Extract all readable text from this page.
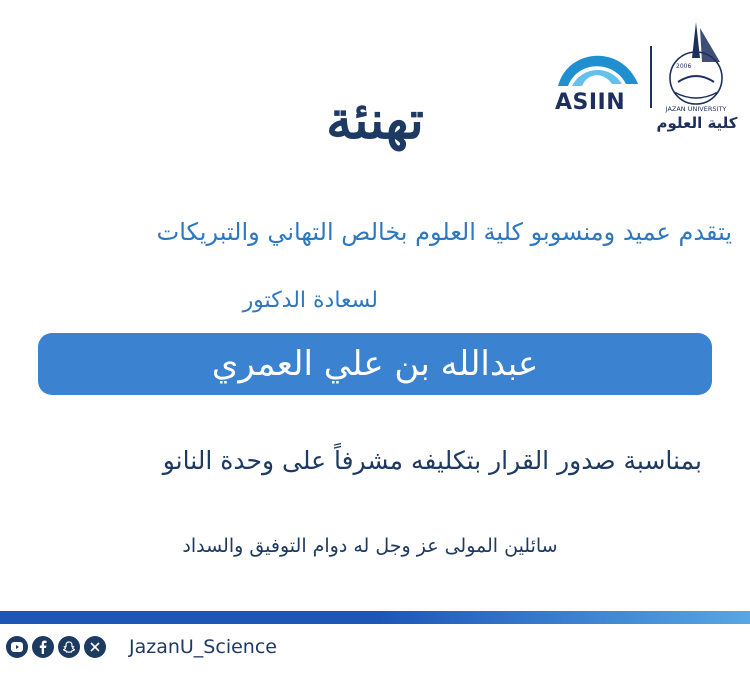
ASIIN
2006
JAZAN UNIVERSITY
كلية العلوم
تهنئة
يتقدم عميد ومنسوبو كلية العلوم بخالص التهاني والتبريكات
لسعادة الدكتور
عبدالله بن علي العمري
بمناسبة صدور القرار بتكليفه مشرفاً على وحدة النانو
سائلين المولى عز وجل له دوام التوفيق والسداد
JazanU_Science
